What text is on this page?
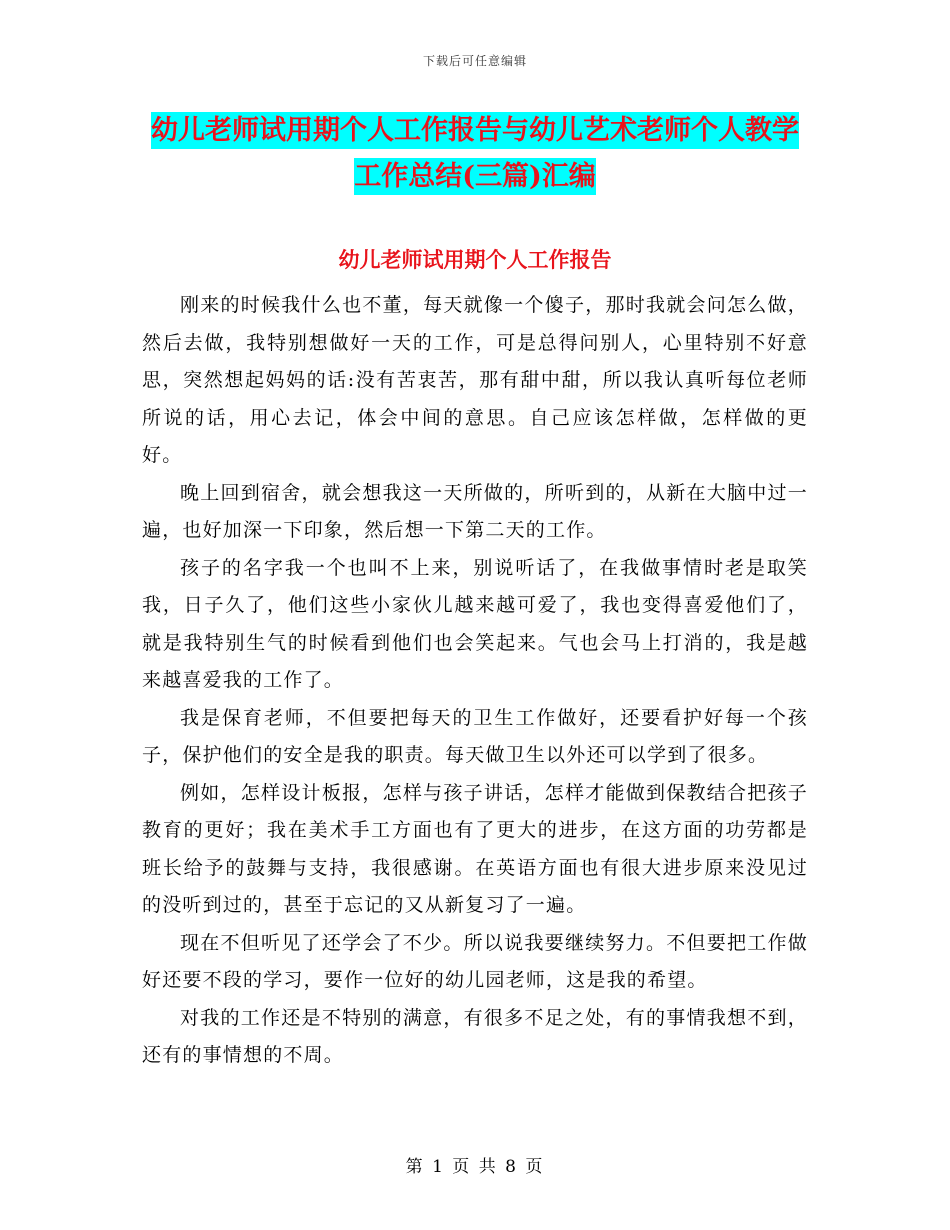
下载后可任意编辑
幼儿老师试用期个人工作报告与幼儿艺术老师个人教学工作总结(三篇)汇编
幼儿老师试用期个人工作报告

刚来的时候我什么也不董，每天就像一个傻子，那时我就会问怎么做，然后去做，我特别想做好一天的工作，可是总得问别人，心里特别不好意思，突然想起妈妈的话:没有苦衷苦，那有甜中甜，所以我认真听每位老师所说的话，用心去记，体会中间的意思。自己应该怎样做，怎样做的更好。

晚上回到宿舍，就会想我这一天所做的，所听到的，从新在大脑中过一遍，也好加深一下印象，然后想一下第二天的工作。

孩子的名字我一个也叫不上来，别说听话了，在我做事情时老是取笑我，日子久了，他们这些小家伙儿越来越可爱了，我也变得喜爱他们了，就是我特别生气的时候看到他们也会笑起来。气也会马上打消的，我是越来越喜爱我的工作了。

我是保育老师，不但要把每天的卫生工作做好，还要看护好每一个孩子，保护他们的安全是我的职责。每天做卫生以外还可以学到了很多。

例如，怎样设计板报，怎样与孩子讲话，怎样才能做到保教结合把孩子教育的更好；我在美术手工方面也有了更大的进步，在这方面的功劳都是班长给予的鼓舞与支持，我很感谢。在英语方面也有很大进步原来没见过的没听到过的，甚至于忘记的又从新复习了一遍。

现在不但听见了还学会了不少。所以说我要继续努力。不但要把工作做好还要不段的学习，要作一位好的幼儿园老师，这是我的希望。

对我的工作还是不特别的满意，有很多不足之处，有的事情我想不到，还有的事情想的不周。

第 1 页 共 8 页
